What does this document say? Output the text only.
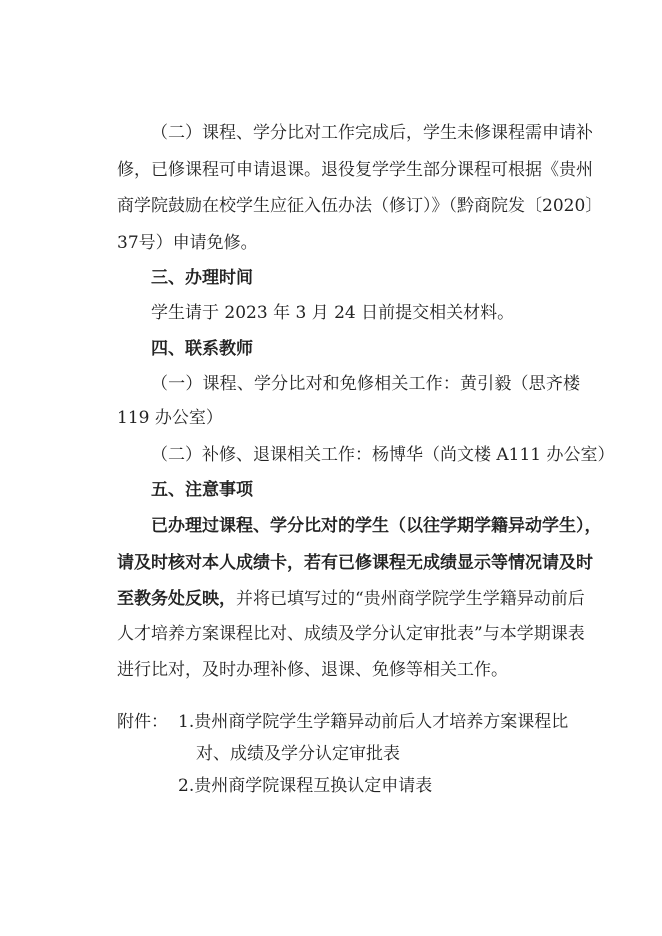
（二）课程、学分比对工作完成后，学生未修课程需申请补
修，已修课程可申请退课。退役复学学生部分课程可根据《贵州
商学院鼓励在校学生应征入伍办法（修订）》（黔商院发〔2020〕
37号）申请免修。
三、办理时间
学生请于 2023 年 3 月 24 日前提交相关材料。
四、联系教师
（一）课程、学分比对和免修相关工作：黄引毅（思齐楼
119 办公室）
（二）补修、退课相关工作：杨博华（尚文楼 A111 办公室）
五、注意事项
已办理过课程、学分比对的学生（以往学期学籍异动学生），
请及时核对本人成绩卡，若有已修课程无成绩显示等情况请及时
至教务处反映，并将已填写过的“贵州商学院学生学籍异动前后
人才培养方案课程比对、成绩及学分认定审批表”与本学期课表
进行比对，及时办理补修、退课、免修等相关工作。
附件： 1.贵州商学院学生学籍异动前后人才培养方案课程比
对、成绩及学分认定审批表
2.贵州商学院课程互换认定申请表
